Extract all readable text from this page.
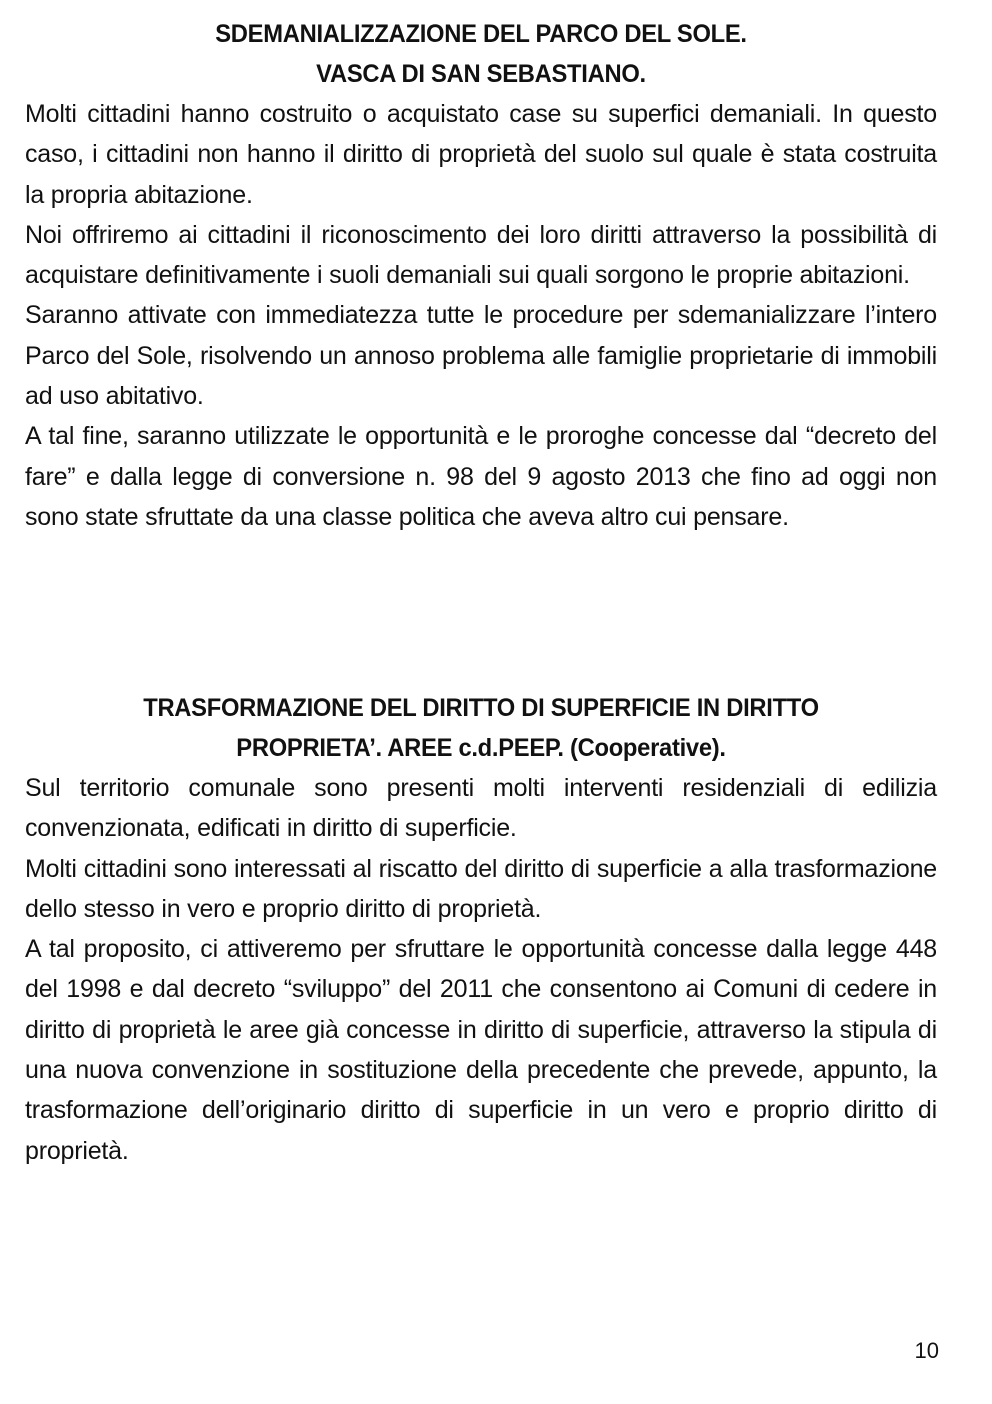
SDEMANIALIZZAZIONE DEL PARCO DEL SOLE.
VASCA DI SAN SEBASTIANO.

Molti cittadini hanno costruito o acquistato case su superfici demaniali. In questo caso, i cittadini non hanno il diritto di proprietà del suolo sul quale è stata costruita la propria abitazione.

Noi offriremo ai cittadini il riconoscimento dei loro diritti attraverso la possibilità di acquistare definitivamente i suoli demaniali sui quali sorgono le proprie abitazioni.

Saranno attivate con immediatezza tutte le procedure per sdemanializzare l’intero Parco del Sole, risolvendo un annoso problema alle famiglie proprietarie di immobili ad uso abitativo.

A tal fine, saranno utilizzate le opportunità e le proroghe concesse dal “decreto del fare” e dalla legge di conversione n. 98 del 9 agosto 2013 che fino ad oggi non sono state sfruttate da una classe politica che aveva altro cui pensare.

TRASFORMAZIONE DEL DIRITTO DI SUPERFICIE IN DIRITTO
PROPRIETA’. AREE c.d.PEEP. (Cooperative).

Sul territorio comunale sono presenti molti interventi residenziali di edilizia convenzionata, edificati in diritto di superficie.

Molti cittadini sono interessati al riscatto del diritto di superficie a alla trasformazione dello stesso in vero e proprio diritto di proprietà.

A tal proposito, ci attiveremo per sfruttare le opportunità concesse dalla legge 448 del 1998 e dal decreto “sviluppo” del 2011 che consentono ai Comuni di cedere in diritto di proprietà le aree già concesse in diritto di superficie, attraverso la stipula di una nuova convenzione in sostituzione della precedente che prevede, appunto, la trasformazione dell’originario diritto di superficie in un vero e proprio diritto di proprietà.

10
